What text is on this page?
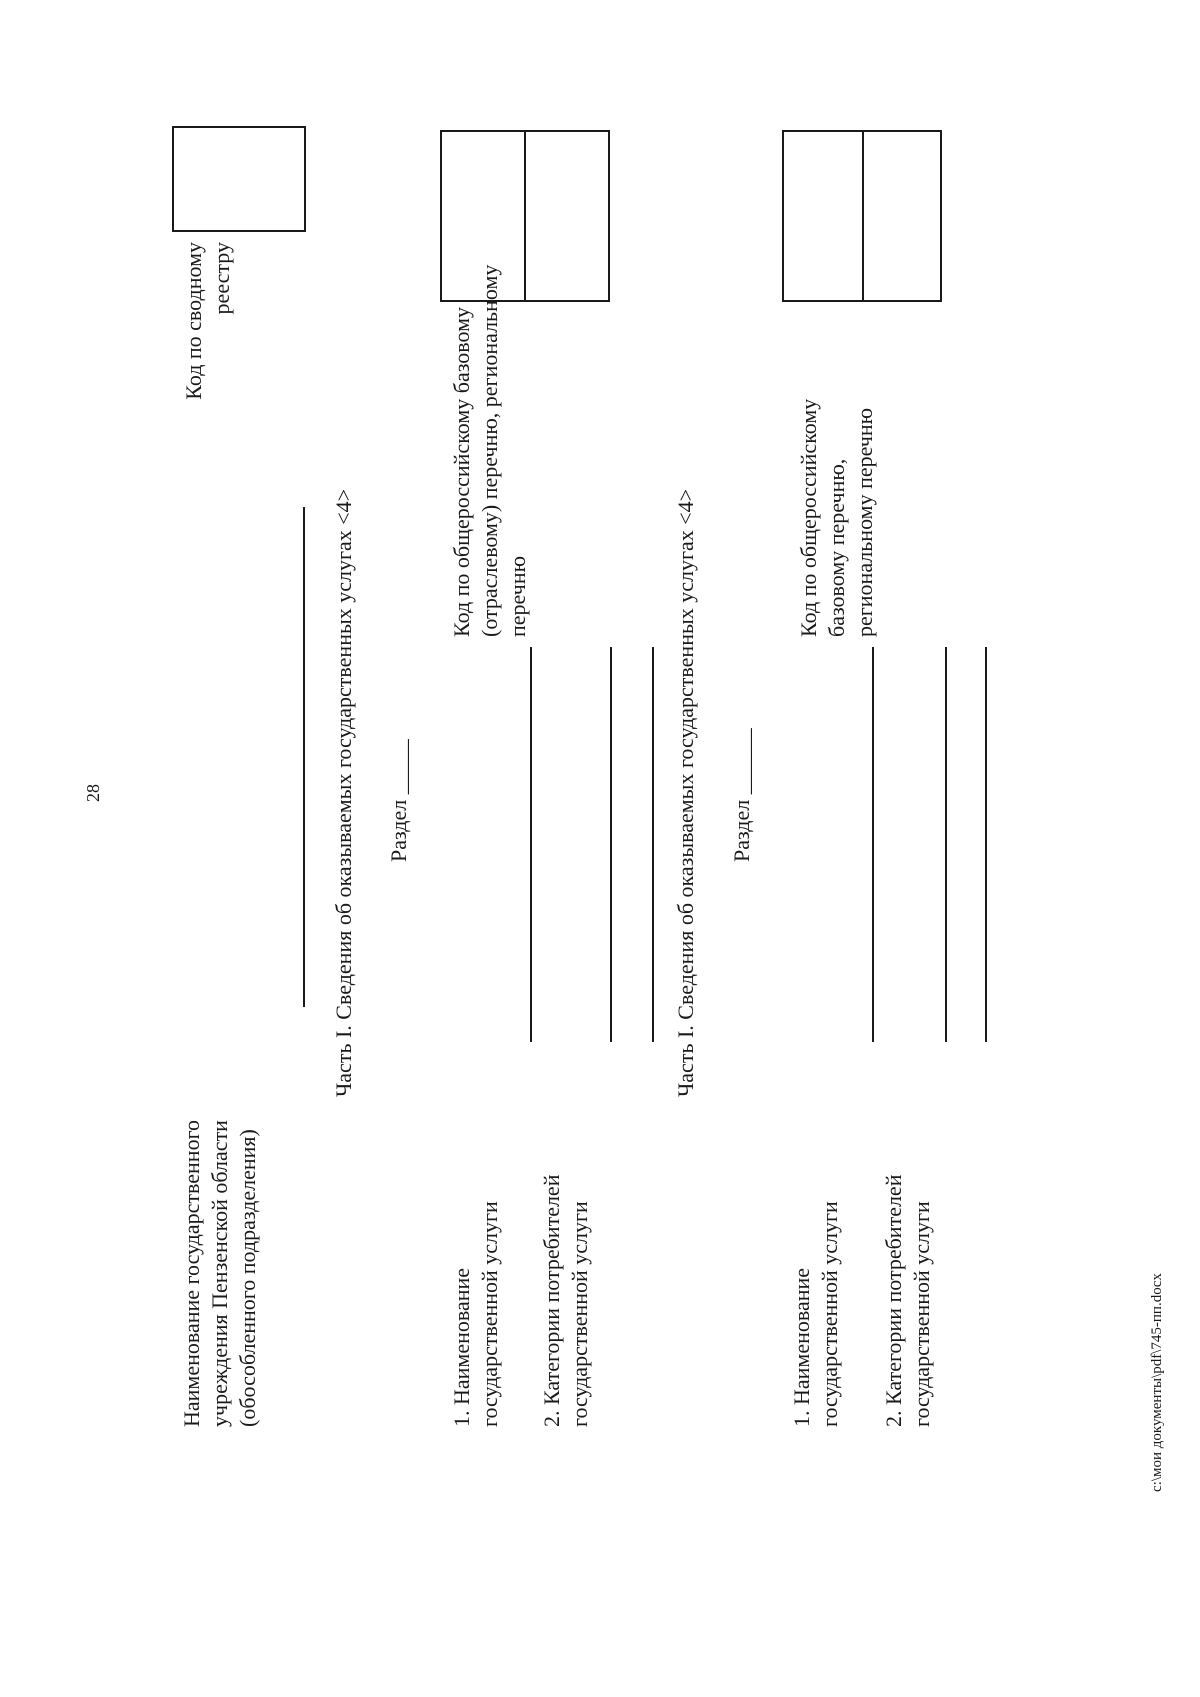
28
Наименование государственного учреждения Пензенской области (обособленного подразделения)
Код по сводному реестру
Часть I. Сведения об оказываемых государственных услугах <4> Раздел _____
1. Наименование государственной услуги 2. Категории потребителей государственной услуги
Код по общероссийскому базовому (отраслевому) перечню, региональному перечню	Часть I. Сведения об оказываемых государственных услугах <4> Раздел ______
1. Наименование государственной услуги 2. Категории потребителей государственной услуги
Код по общероссийскому базовому перечню, региональному перечню
c:\мои документы\pdf\745-пп.docx
